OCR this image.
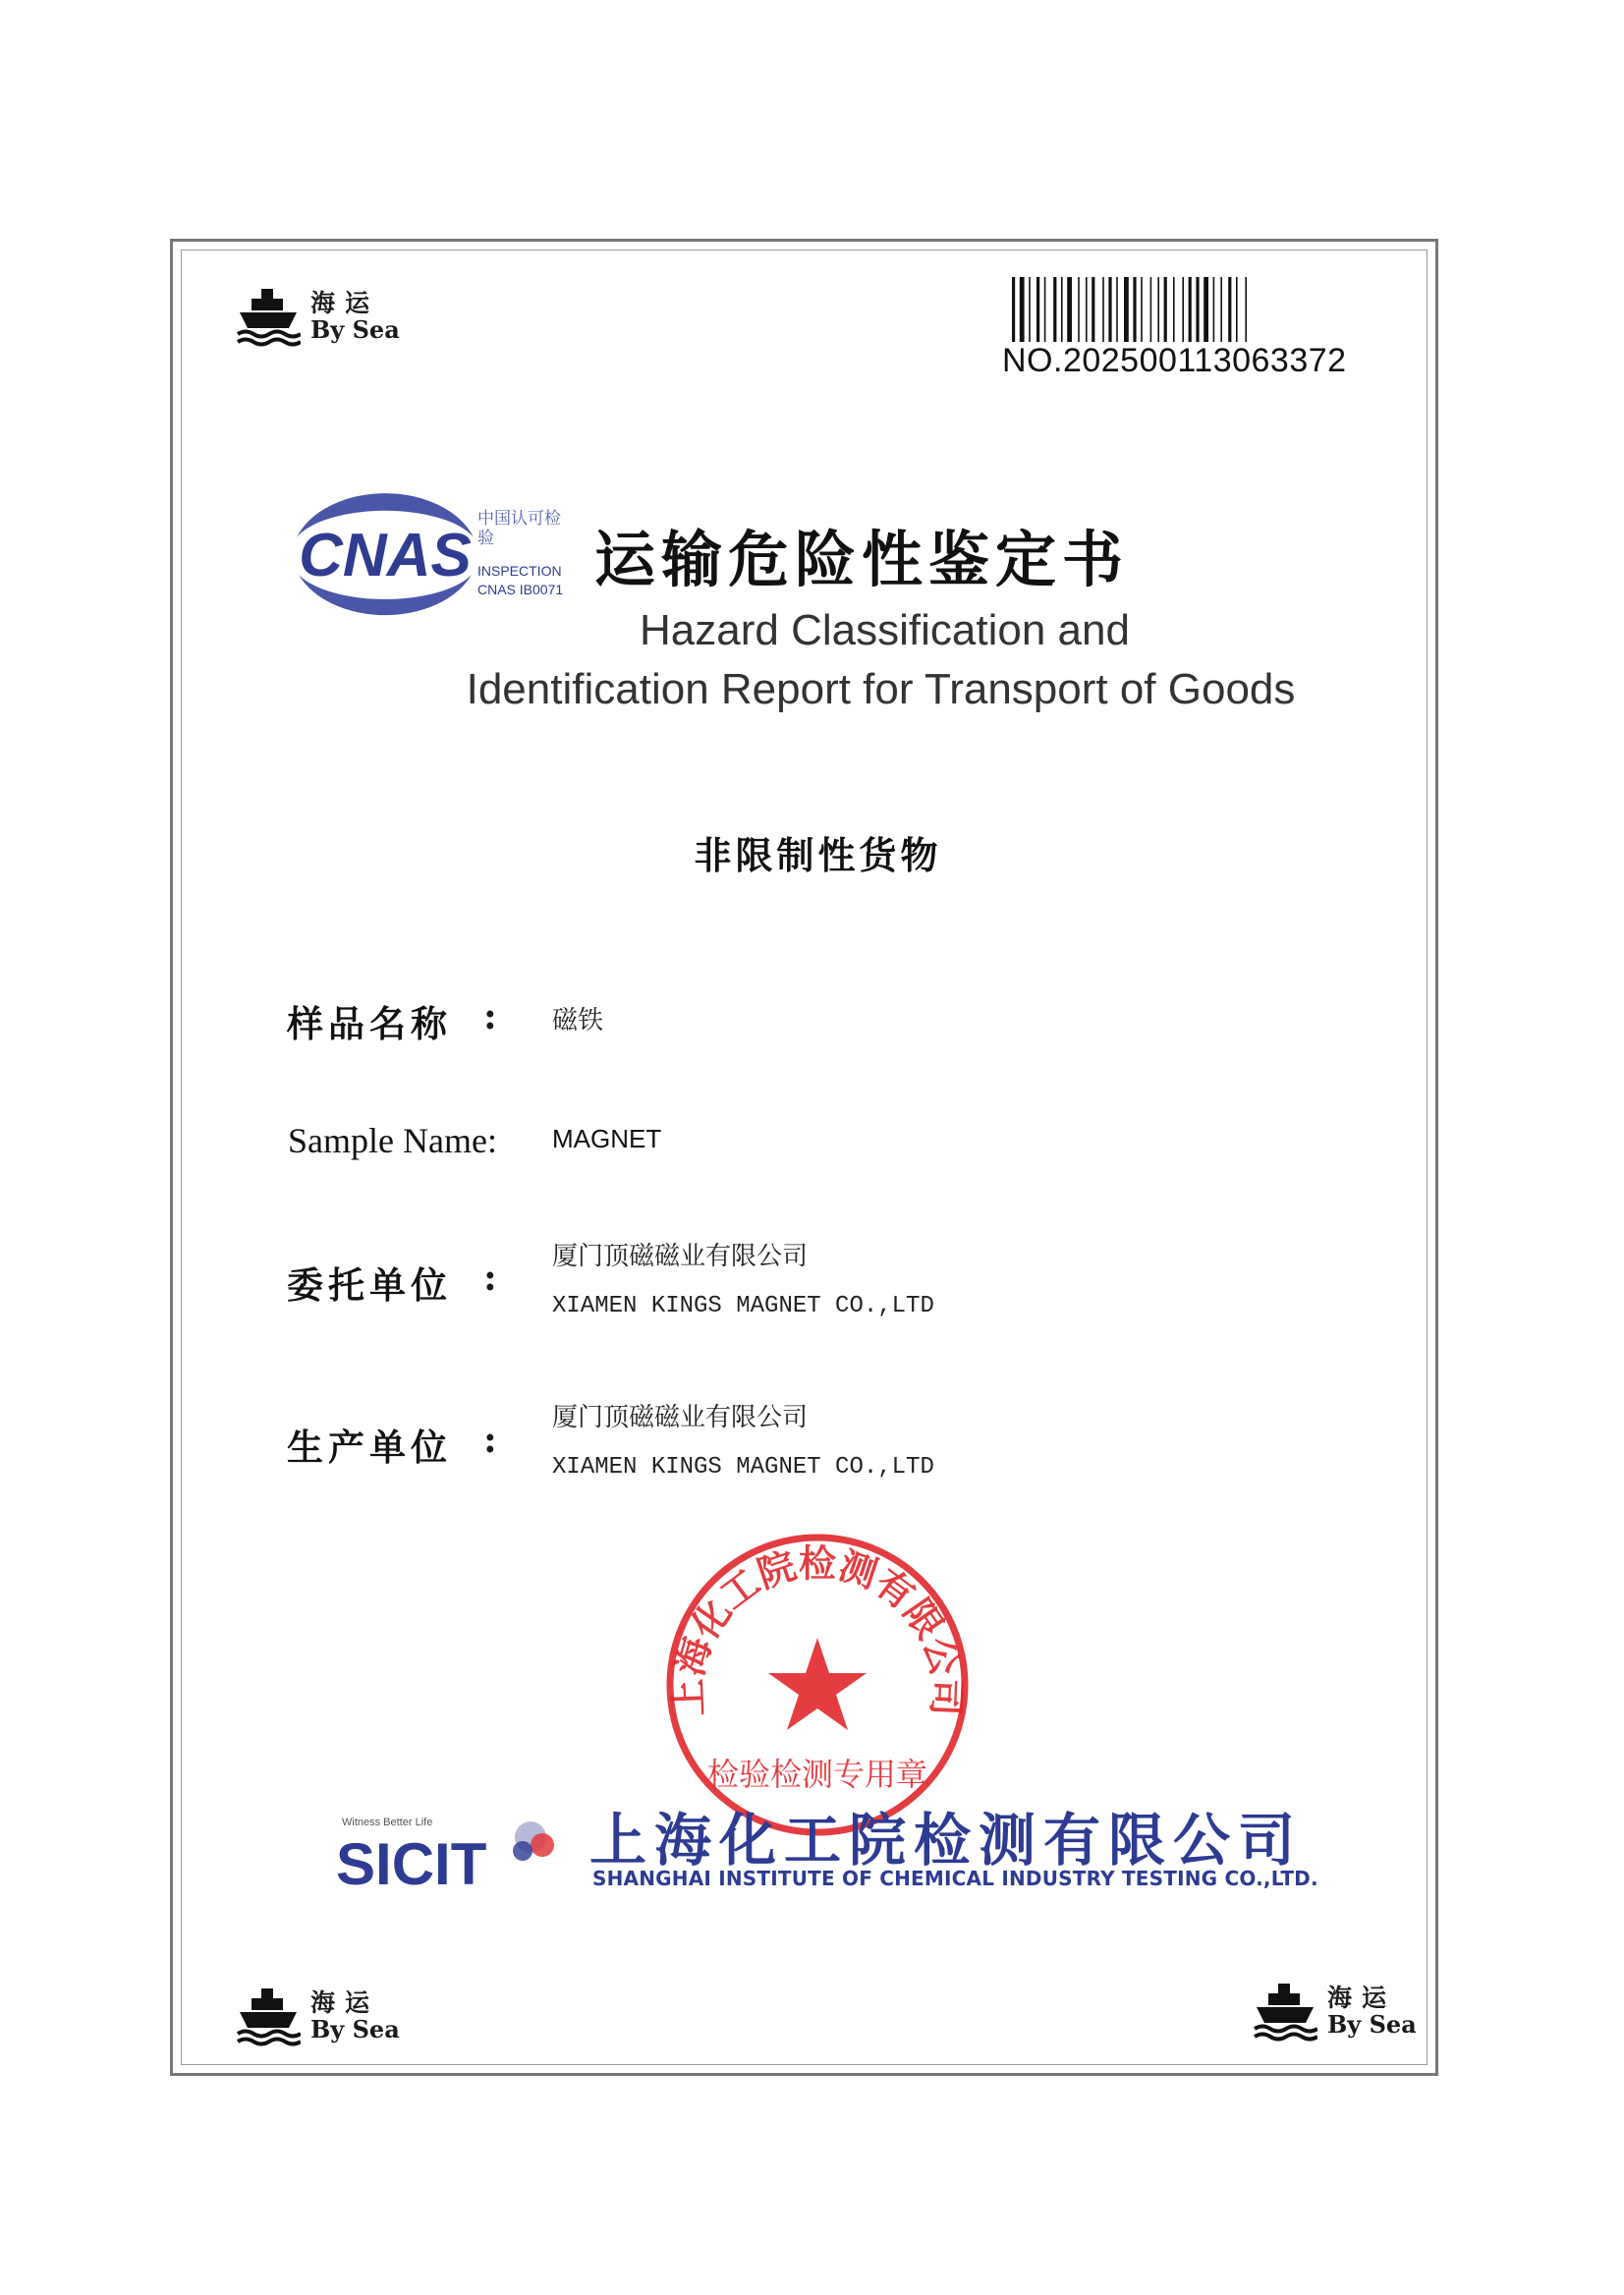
海运
By Sea
NO.202500113063372
CNAS
中国认可检验
INSPECTION
CNAS IB0071 运输危险性鉴定书
Hazard Classification and
Identification Report for Transport of Goods
非限制性货物
样品名称 : 磁铁
Sample Name: MAGNET
委托单位 : 厦门顶磁磁业有限公司
XIAMEN KINGS MAGNET CO.,LTD
生产单位 : 厦门顶磁磁业有限公司
XIAMEN KINGS MAGNET CO.,LTD
上海化工院检测有限公司
检验检测专用章
Witness Better Life
SICIT 上海化工院检测有限公司
SHANGHAI INSTITUTE OF CHEMICAL INDUSTRY TESTING CO.,LTD.
海运
By Sea
海运
By Sea
